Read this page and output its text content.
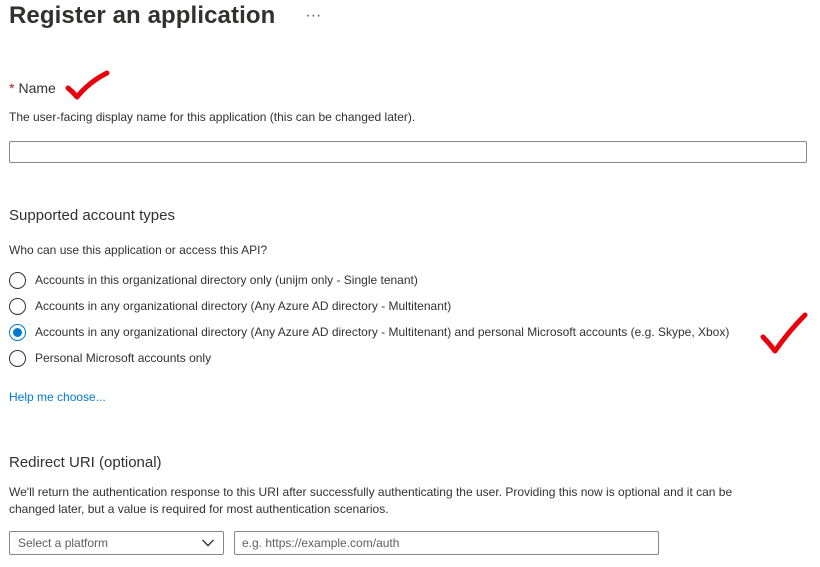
Register an application ···
* Name
The user-facing display name for this application (this can be changed later).
Supported account types
Who can use this application or access this API?
Accounts in this organizational directory only (unijm only - Single tenant)
Accounts in any organizational directory (Any Azure AD directory - Multitenant)
Accounts in any organizational directory (Any Azure AD directory - Multitenant) and personal Microsoft accounts (e.g. Skype, Xbox)
Personal Microsoft accounts only
Help me choose...
Redirect URI (optional)
We'll return the authentication response to this URI after successfully authenticating the user. Providing this now is optional and it can be
changed later, but a value is required for most authentication scenarios.
Select a platform
e.g. https://example.com/auth
